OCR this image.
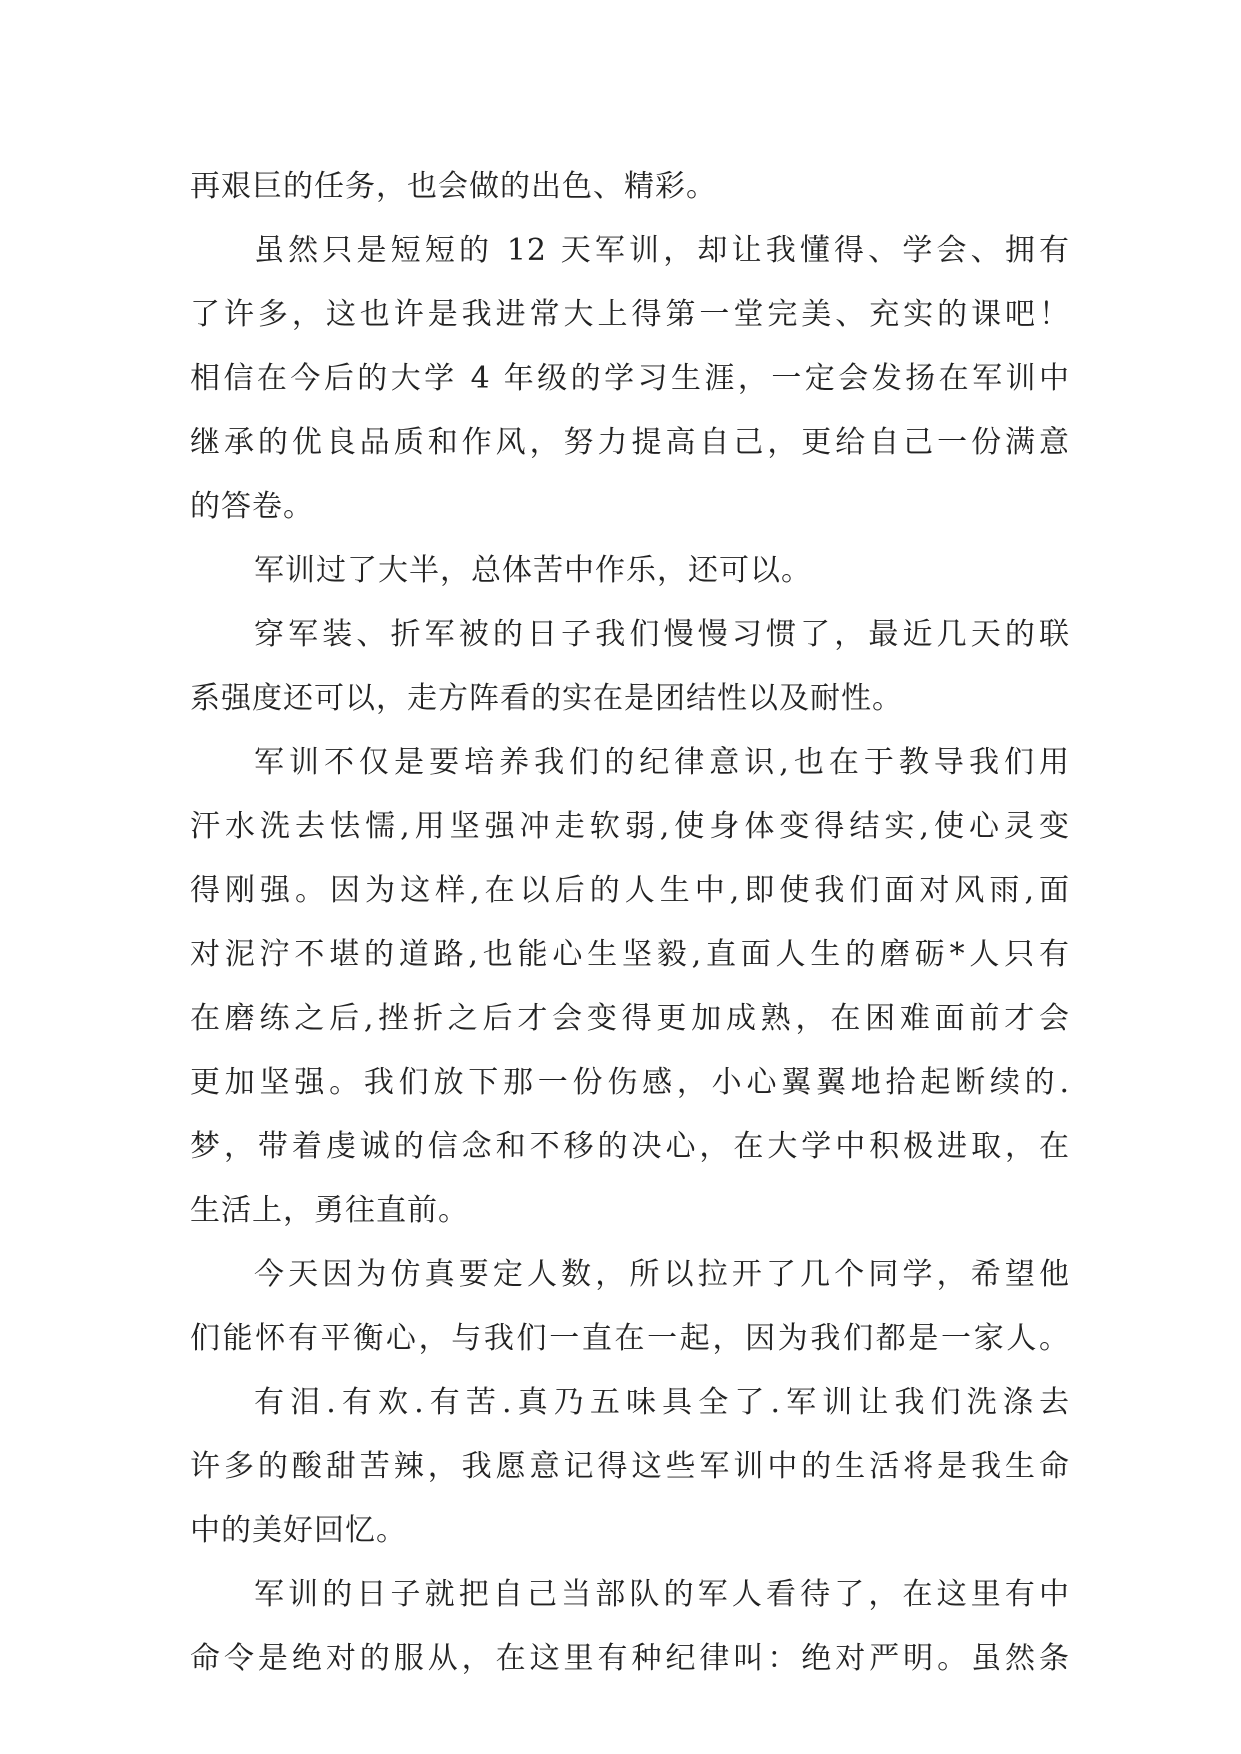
再艰巨的任务，也会做的出色、精彩。
虽然只是短短的 12 天军训，却让我懂得、学会、拥有
了许多，这也许是我进常大上得第一堂完美、充实的课吧！
相信在今后的大学 4 年级的学习生涯，一定会发扬在军训中
继承的优良品质和作风，努力提高自己，更给自己一份满意
的答卷。
军训过了大半，总体苦中作乐，还可以。
穿军装、折军被的日子我们慢慢习惯了，最近几天的联
系强度还可以，走方阵看的实在是团结性以及耐性。
军训不仅是要培养我们的纪律意识,也在于教导我们用
汗水洗去怯懦,用坚强冲走软弱,使身体变得结实,使心灵变
得刚强。因为这样,在以后的人生中,即使我们面对风雨,面
对泥泞不堪的道路,也能心生坚毅,直面人生的磨砺*人只有
在磨练之后,挫折之后才会变得更加成熟，在困难面前才会
更加坚强。我们放下那一份伤感，小心翼翼地拾起断续的.
梦，带着虔诚的信念和不移的决心，在大学中积极进取，在
生活上，勇往直前。
今天因为仿真要定人数，所以拉开了几个同学，希望他
们能怀有平衡心，与我们一直在一起，因为我们都是一家人。
有泪.有欢.有苦.真乃五味具全了.军训让我们洗涤去
许多的酸甜苦辣，我愿意记得这些军训中的生活将是我生命
中的美好回忆。
军训的日子就把自己当部队的军人看待了，在这里有中
命令是绝对的服从，在这里有种纪律叫：绝对严明。虽然条
